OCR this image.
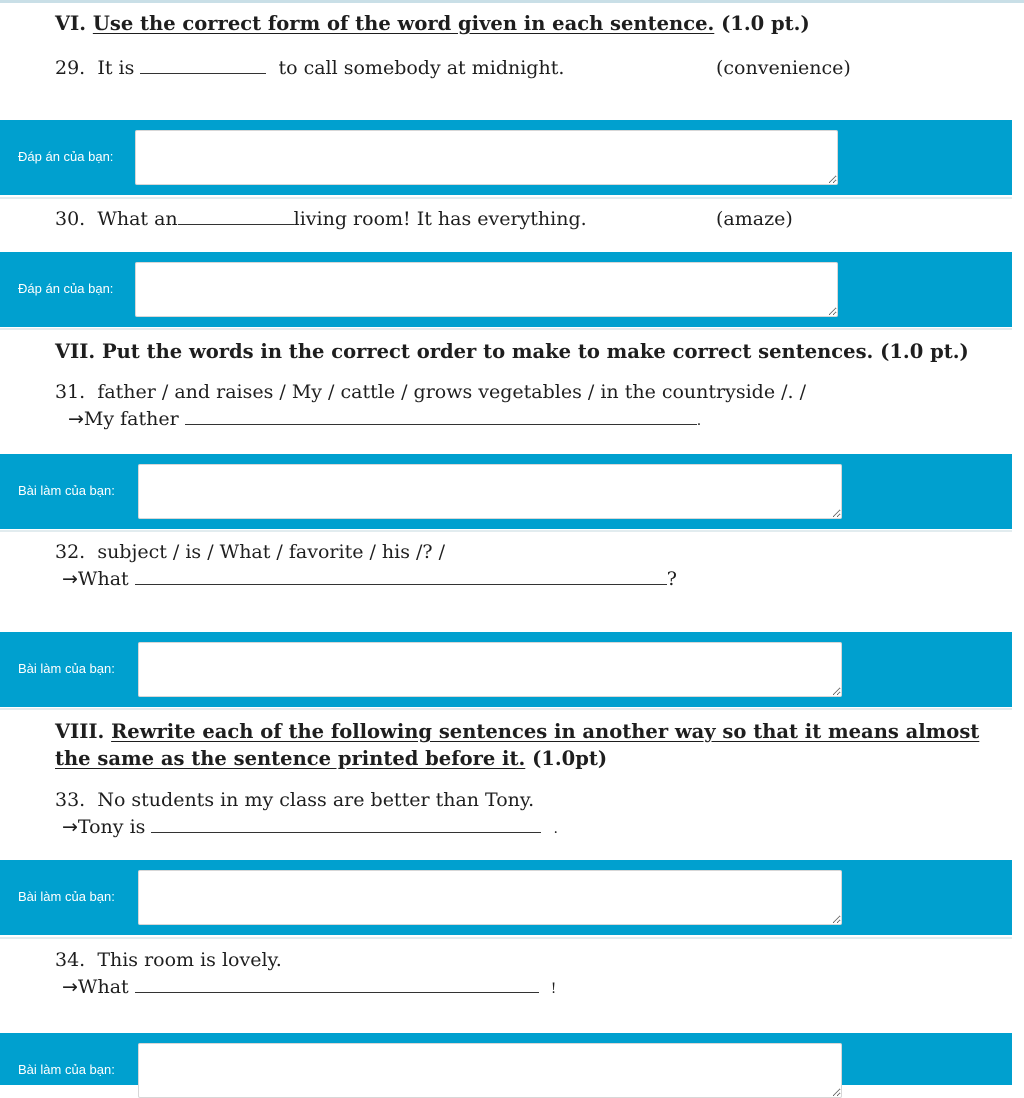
VI. Use the correct form of the word given in each sentence. (1.0 pt.)
29. It is	to call somebody at midnight.	(convenience)
Đáp án của bạn:
30. What an	living room! It has everything.	(amaze)
Đáp án của bạn:
VII. Put the words in the correct order to make to make correct sentences. (1.0 pt.)
31. father / and raises / My / cattle / grows vegetables / in the countryside /. /
→My father	.
Bài làm của bạn:
32. subject / is / What / favorite / his /? /
→What	?
Bài làm của bạn:
VIII. Rewrite each of the following sentences in another way so that it means almost
the same as the sentence printed before it. (1.0pt)
33. No students in my class are better than Tony.
→Tony is	.
Bài làm của bạn:
34. This room is lovely.
→What	!
Bài làm của bạn:
